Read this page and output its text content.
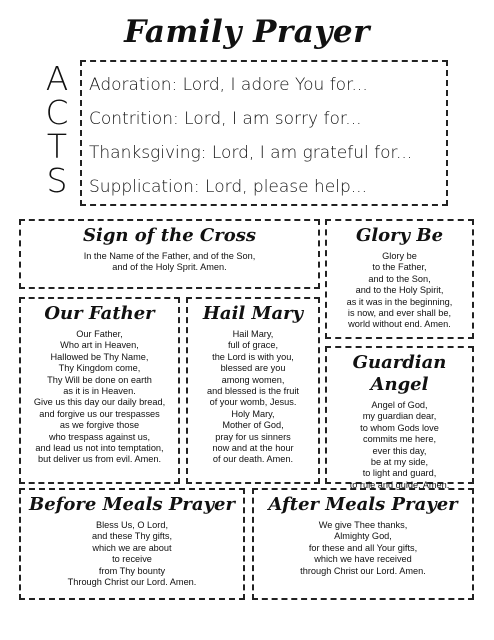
Family Prayer
A
C
T
S
Adoration: Lord, I adore You for...
Contrition: Lord, I am sorry for...
Thanksgiving: Lord, I am grateful for...
Supplication: Lord, please help...
Sign of the Cross
In the Name of the Father, and of the Son,
and of the Holy Sprit. Amen.
Glory Be
Glory be
to the Father,
and to the Son,
and to the Holy Spirit,
as it was in the beginning,
is now, and ever shall be,
world without end. Amen.
Our Father
Our Father,
Who art in Heaven,
Hallowed be Thy Name,
Thy Kingdom come,
Thy Will be done on earth
as it is in Heaven.
Give us this day our daily bread,
and forgive us our trespasses
as we forgive those
who trespass against us,
and lead us not into temptation,
but deliver us from evil. Amen.
Hail Mary
Hail Mary,
full of grace,
the Lord is with you,
blessed are you
among women,
and blessed is the fruit
of your womb, Jesus.
Holy Mary,
Mother of God,
pray for us sinners
now and at the hour
of our death. Amen.
Guardian Angel
Angel of God,
my guardian dear,
to whom Gods love
commits me here,
ever this day,
be at my side,
to light and guard,
to rule and guide. Amen.
Before Meals Prayer
Bless Us, O Lord,
and these Thy gifts,
which we are about
to receive
from Thy bounty
Through Christ our Lord. Amen.
After Meals Prayer
We give Thee thanks,
Almighty God,
for these and all Your gifts,
which we have received
through Christ our Lord. Amen.
